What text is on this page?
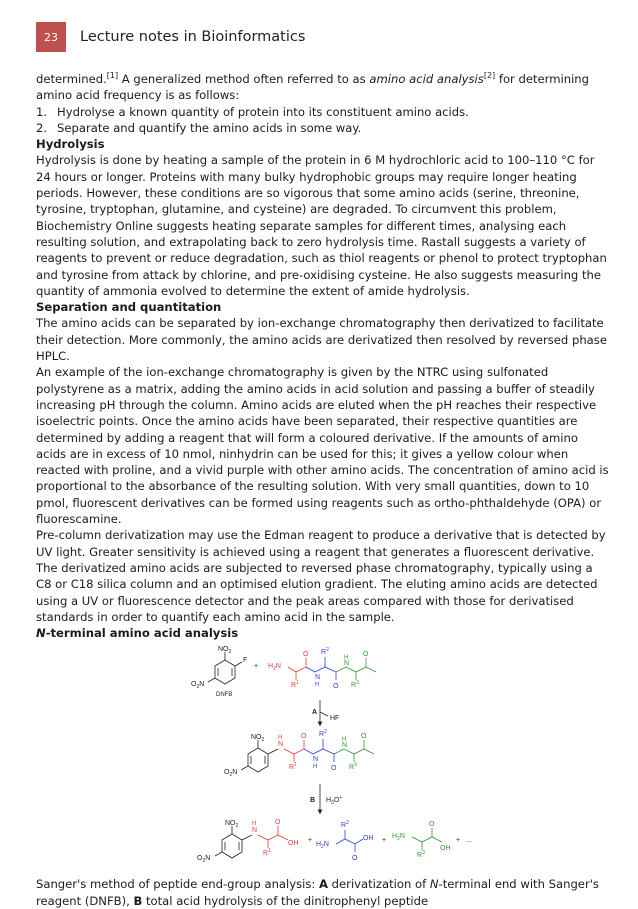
23	Lecture notes in Bioinformatics

determined.[1] A generalized method often referred to as amino acid analysis[2] for determining amino acid frequency is as follows:

1. Hydrolyse a known quantity of protein into its constituent amino acids.
2. Separate and quantify the amino acids in some way.

Hydrolysis

Hydrolysis is done by heating a sample of the protein in 6 M hydrochloric acid to 100–110 °C for 24 hours or longer. Proteins with many bulky hydrophobic groups may require longer heating periods. However, these conditions are so vigorous that some amino acids (serine, threonine, tyrosine, tryptophan, glutamine, and cysteine) are degraded. To circumvent this problem, Biochemistry Online suggests heating separate samples for different times, analysing each resulting solution, and extrapolating back to zero hydrolysis time. Rastall suggests a variety of reagents to prevent or reduce degradation, such as thiol reagents or phenol to protect tryptophan and tyrosine from attack by chlorine, and pre-oxidising cysteine. He also suggests measuring the quantity of ammonia evolved to determine the extent of amide hydrolysis.

Separation and quantitation

The amino acids can be separated by ion-exchange chromatography then derivatized to facilitate their detection. More commonly, the amino acids are derivatized then resolved by reversed phase HPLC.

An example of the ion-exchange chromatography is given by the NTRC using sulfonated polystyrene as a matrix, adding the amino acids in acid solution and passing a buffer of steadily increasing pH through the column. Amino acids are eluted when the pH reaches their respective isoelectric points. Once the amino acids have been separated, their respective quantities are determined by adding a reagent that will form a coloured derivative. If the amounts of amino acids are in excess of 10 nmol, ninhydrin can be used for this; it gives a yellow colour when reacted with proline, and a vivid purple with other amino acids. The concentration of amino acid is proportional to the absorbance of the resulting solution. With very small quantities, down to 10 pmol, fluorescent derivatives can be formed using reagents such as ortho-phthaldehyde (OPA) or fluorescamine.

Pre-column derivatization may use the Edman reagent to produce a derivative that is detected by UV light. Greater sensitivity is achieved using a reagent that generates a fluorescent derivative. The derivatized amino acids are subjected to reversed phase chromatography, typically using a C8 or C18 silica column and an optimised elution gradient. The eluting amino acids are detected using a UV or fluorescence detector and the peak areas compared with those for derivatised standards in order to quantify each amino acid in the sample.

N-terminal amino acid analysis

$NO_2$
F
$O_2N$
DNFB
+ $H_2N$
O
$R^1$
N
H
$R^2$
O
N
H O
$R^3$
A
HF
$NO_2$
$O_2N$
N
H	O
$R^1$
N
H
$R^2$
O
N
H O
$R^3$
B $H_3O^+$
$NO_2$
$O_2N$
N
H	O
OH
$R^1$
+
$H_2N$
$R^2$
O
OH +
$H_2N$
O
OH
$R^3$
+ ...

Sanger's method of peptide end-group analysis: A derivatization of N-terminal end with Sanger's reagent (DNFB), B total acid hydrolysis of the dinitrophenyl peptide
